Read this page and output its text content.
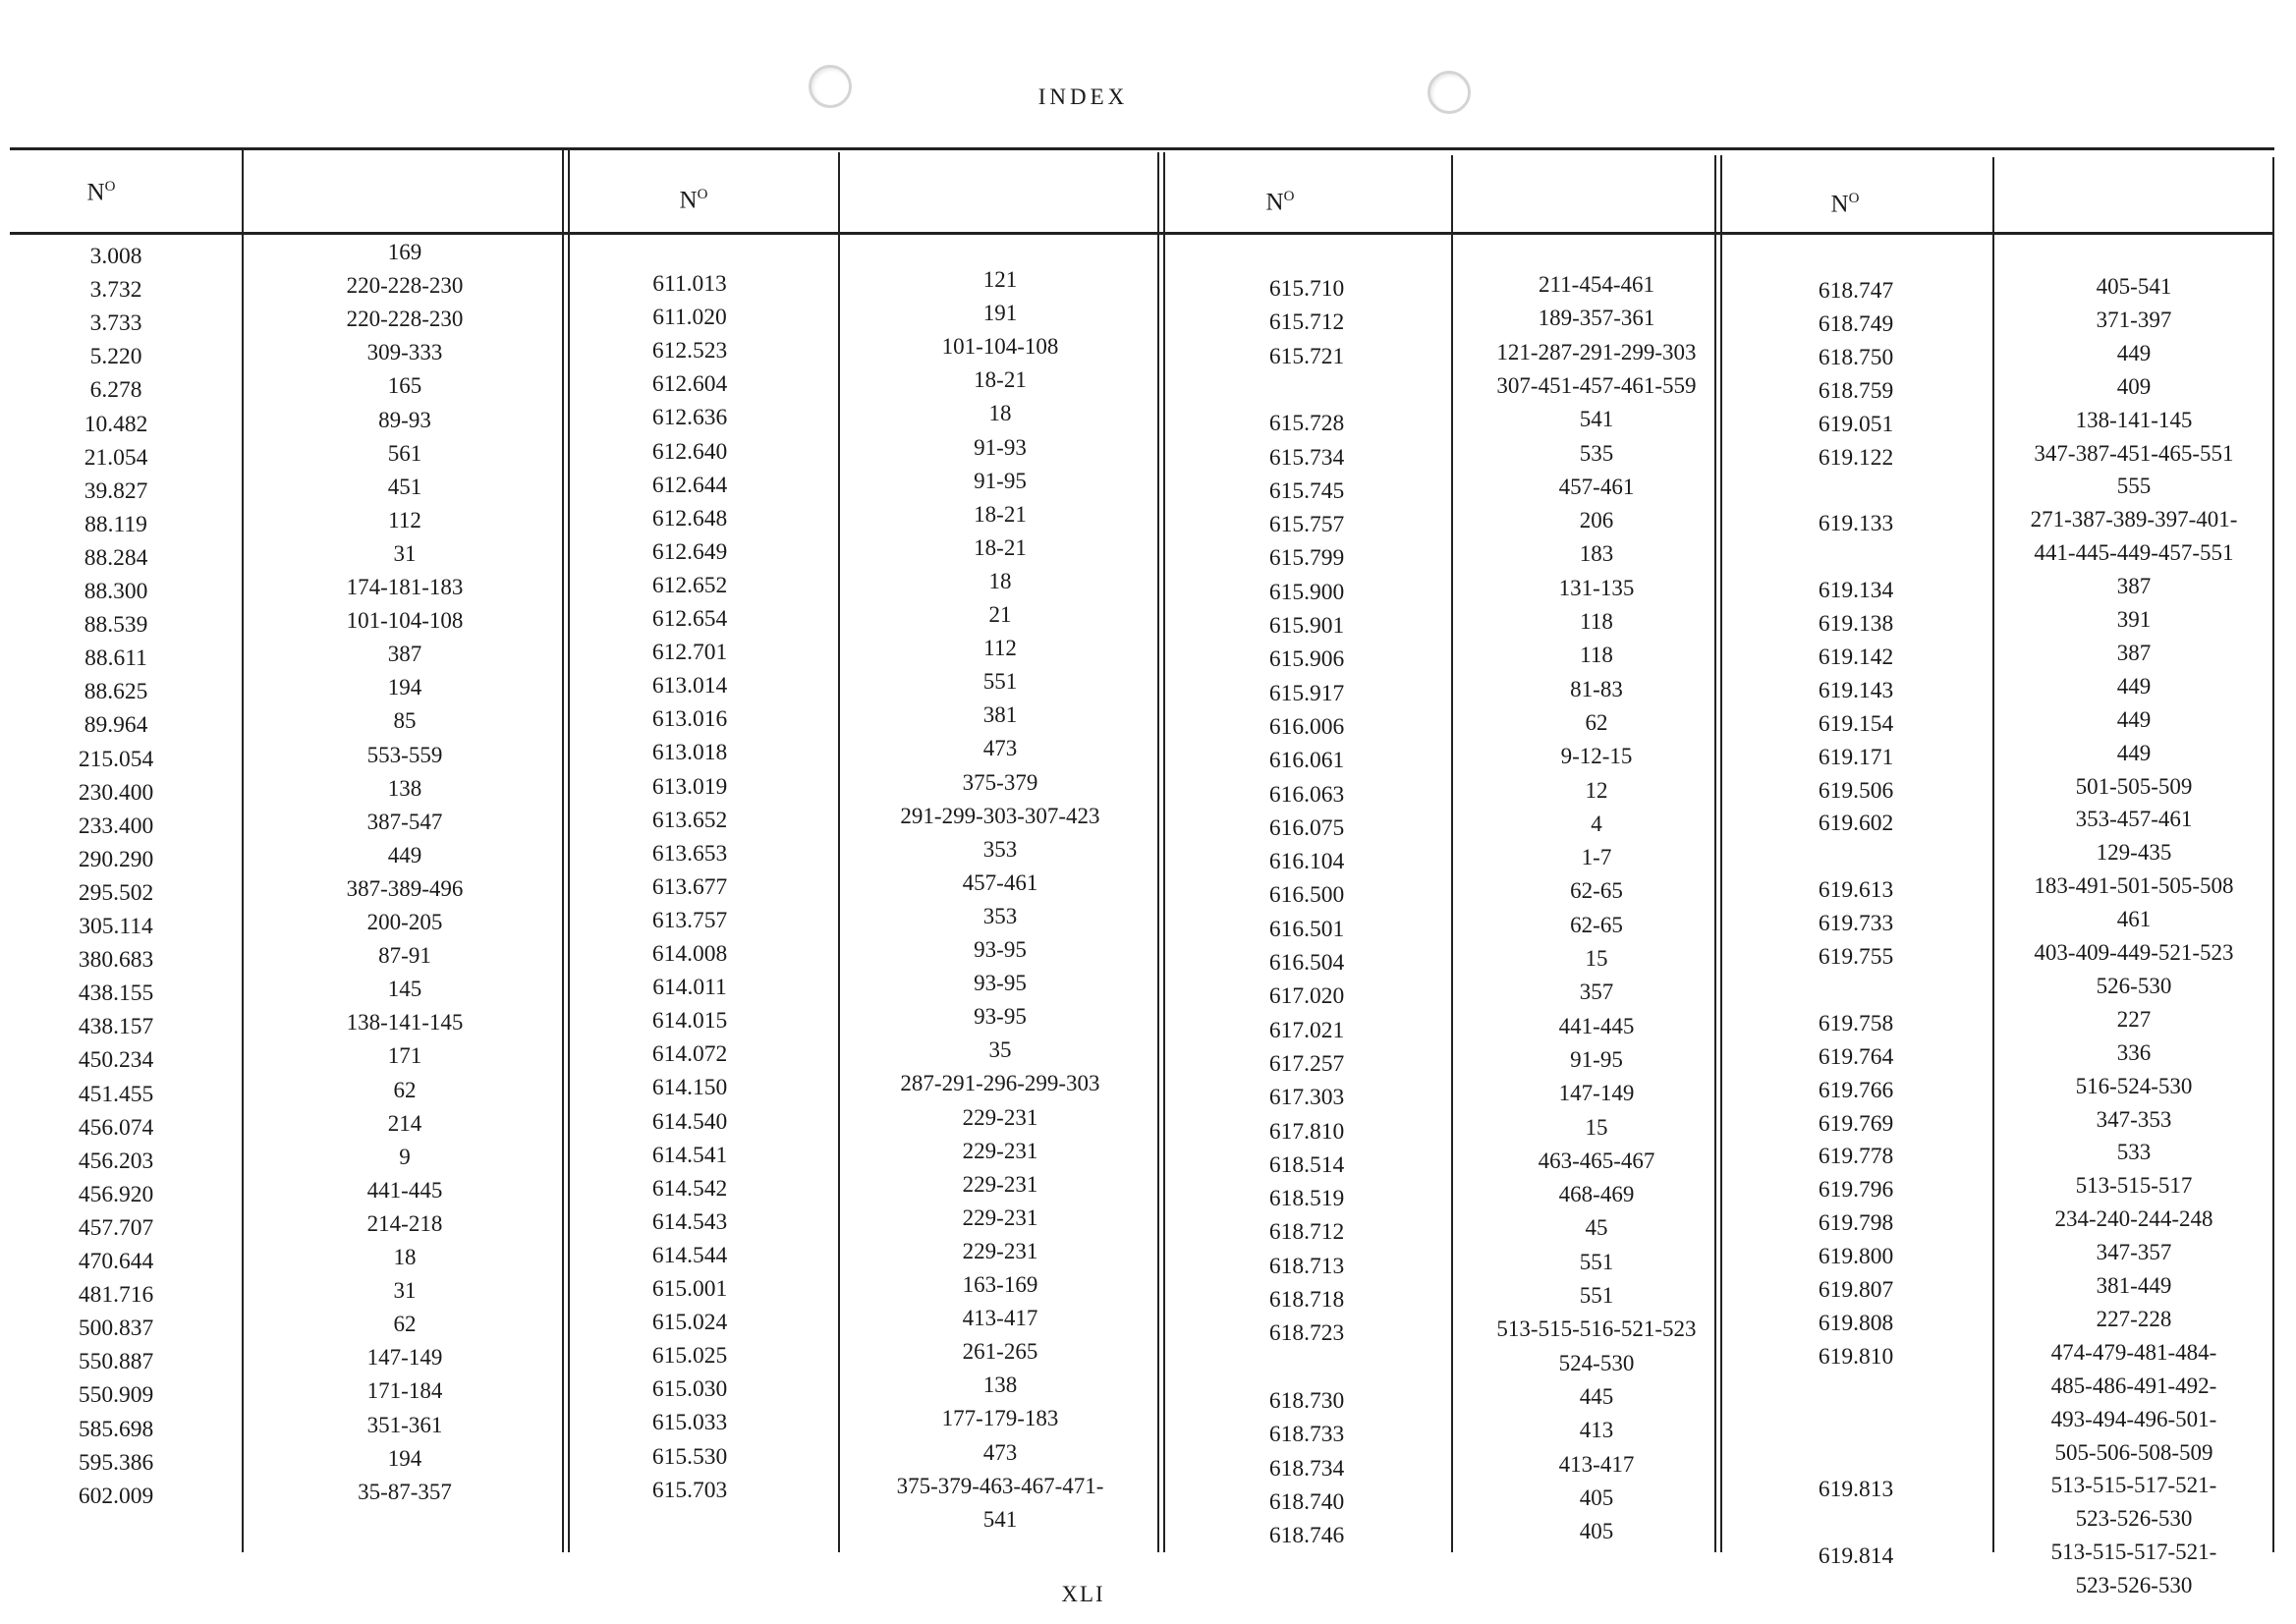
INDEX
$N^O$
$N^O$	$N^O$	$N^O$
3.008	169
3.732	220-228-230
3.733	220-228-230
5.220	309-333
6.278	165
10.482	89-93
21.054	561
39.827	451
88.119	112
88.284	31
88.300	174-181-183
88.539	101-104-108
88.611	387
88.625	194
89.964	85
215.054	553-559
230.400	138
233.400	387-547
290.290	449
295.502	387-389-496
305.114	200-205
380.683	87-91
438.155	145
438.157	138-141-145
450.234	171
451.455	62
456.074	214
456.203	9
456.920	441-445
457.707	214-218
470.644	18
481.716	31
500.837	62
550.887	147-149
550.909	171-184
585.698	351-361
595.386	194
602.009	35-87-357
611.013	121
611.020	191
612.523	101-104-108
612.604	18-21
612.636	18
612.640	91-93
612.644	91-95
612.648	18-21
612.649	18-21
612.652	18
612.654	21
612.701	112
613.014	551
613.016	381
613.018	473
613.019	375-379
613.652	291-299-303-307-423
613.653	353
613.677	457-461
613.757	353
614.008	93-95
614.011	93-95
614.015	93-95
614.072	35
614.150	287-291-296-299-303
614.540	229-231
614.541	229-231
614.542	229-231
614.543	229-231
614.544	229-231
615.001	163-169
615.024	413-417
615.025	261-265
615.030	138
615.033	177-179-183
615.530	473
615.703	375-379-463-467-471-
541
615.710	211-454-461
615.712	189-357-361
615.721	121-287-291-299-303
307-451-457-461-559
615.728	541
615.734	535
615.745	457-461
615.757	206
615.799	183
615.900	131-135
615.901	118
615.906	118
615.917	81-83
616.006	62
616.061	9-12-15
616.063	12
616.075	4
616.104	1-7
616.500	62-65
616.501	62-65
616.504	15
617.020	357
617.021	441-445
617.257	91-95
617.303	147-149
617.810	15
618.514	463-465-467
618.519	468-469
618.712	45
618.713	551
618.718	551
618.723	513-515-516-521-523
524-530
618.730	445
618.733	413
618.734	413-417
618.740	405
618.746	405
618.747	405-541
618.749	371-397
618.750	449
618.759	409
619.051	138-141-145
619.122	347-387-451-465-551
555
619.133	271-387-389-397-401-
441-445-449-457-551
619.134	387
619.138	391
619.142	387
619.143	449
619.154	449
619.171	449
619.506	501-505-509
619.602	353-457-461
129-435
619.613	183-491-501-505-508
619.733	461
619.755	403-409-449-521-523
526-530
619.758	227
619.764	336
619.766	516-524-530
619.769	347-353
619.778	533
619.796	513-515-517
619.798	234-240-244-248
619.800	347-357
619.807	381-449
619.808	227-228
619.810	474-479-481-484-
485-486-491-492-
493-494-496-501-
505-506-508-509
619.813	513-515-517-521-
523-526-530
619.814	513-515-517-521-
523-526-530
XLI
